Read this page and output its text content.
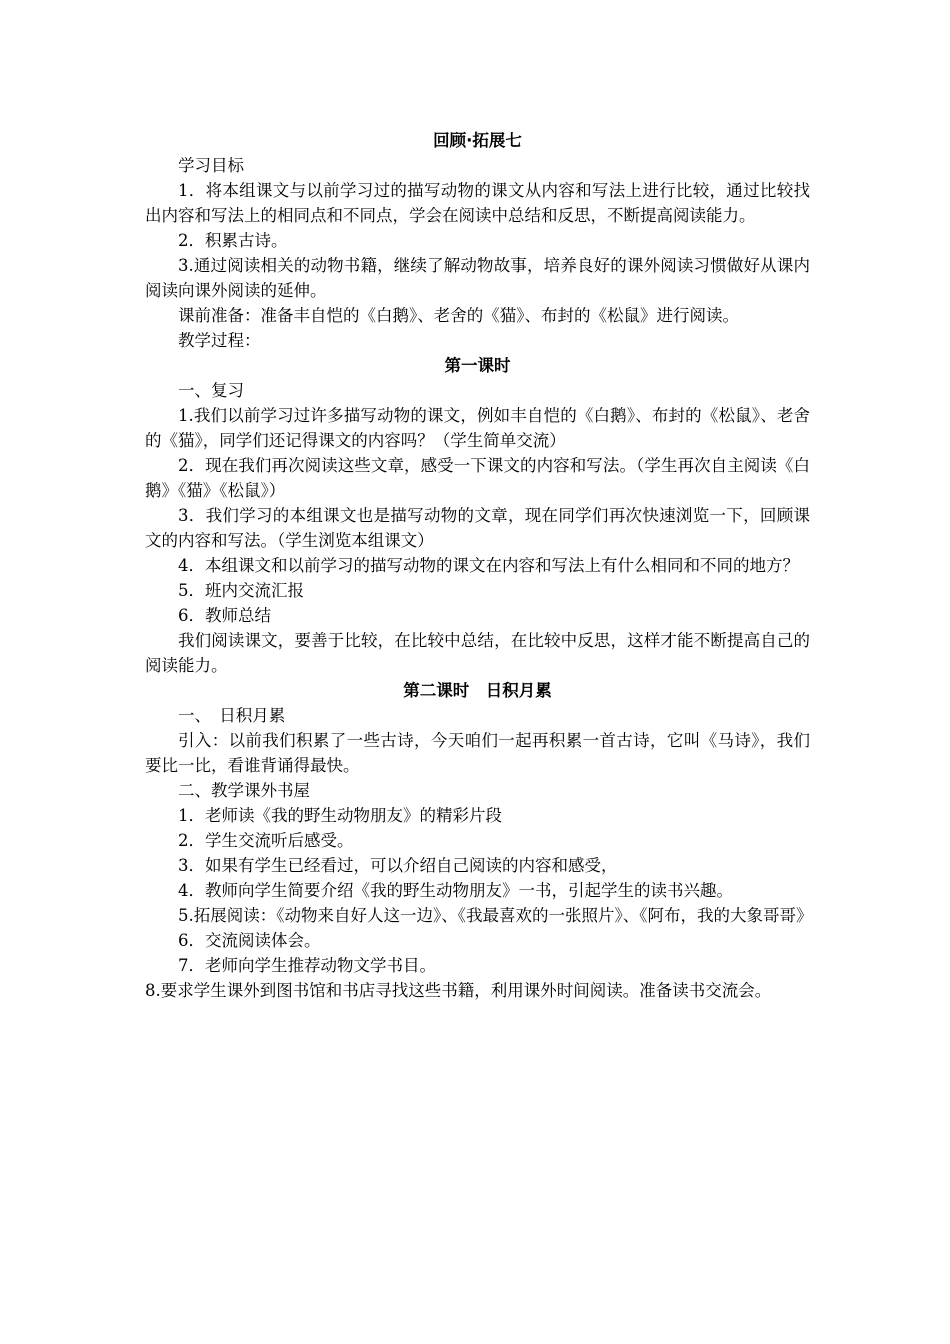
回顾·拓展七

学习目标

1．将本组课文与以前学习过的描写动物的课文从内容和写法上进行比较，通过比较找出内容和写法上的相同点和不同点，学会在阅读中总结和反思，不断提高阅读能力。

2．积累古诗。

3.通过阅读相关的动物书籍，继续了解动物故事，培养良好的课外阅读习惯做好从课内阅读向课外阅读的延伸。

课前准备：准备丰自恺的《白鹅》、老舍的《猫》、布封的《松鼠》进行阅读。

教学过程：

第一课时

一、复习

1.我们以前学习过许多描写动物的课文，例如丰自恺的《白鹅》、布封的《松鼠》、老舍的《猫》，同学们还记得课文的内容吗？（学生简单交流）

2．现在我们再次阅读这些文章，感受一下课文的内容和写法。（学生再次自主阅读《白鹅》《猫》《松鼠》）

3．我们学习的本组课文也是描写动物的文章，现在同学们再次快速浏览一下，回顾课文的内容和写法。（学生浏览本组课文）

4．本组课文和以前学习的描写动物的课文在内容和写法上有什么相同和不同的地方？

5．班内交流汇报

6．教师总结

我们阅读课文，要善于比较，在比较中总结，在比较中反思，这样才能不断提高自己的阅读能力。

第二课时　日积月累

一、　日积月累

引入：以前我们积累了一些古诗，今天咱们一起再积累一首古诗，它叫《马诗》，我们要比一比，看谁背诵得最快。

二、教学课外书屋

1．老师读《我的野生动物朋友》的精彩片段

2．学生交流听后感受。

3．如果有学生已经看过，可以介绍自己阅读的内容和感受，

4．教师向学生简要介绍《我的野生动物朋友》一书，引起学生的读书兴趣。

5.拓展阅读：《动物来自好人这一边》、《我最喜欢的一张照片》、《阿布，我的大象哥哥》

6．交流阅读体会。

7．老师向学生推荐动物文学书目。

8.要求学生课外到图书馆和书店寻找这些书籍，利用课外时间阅读。准备读书交流会。
